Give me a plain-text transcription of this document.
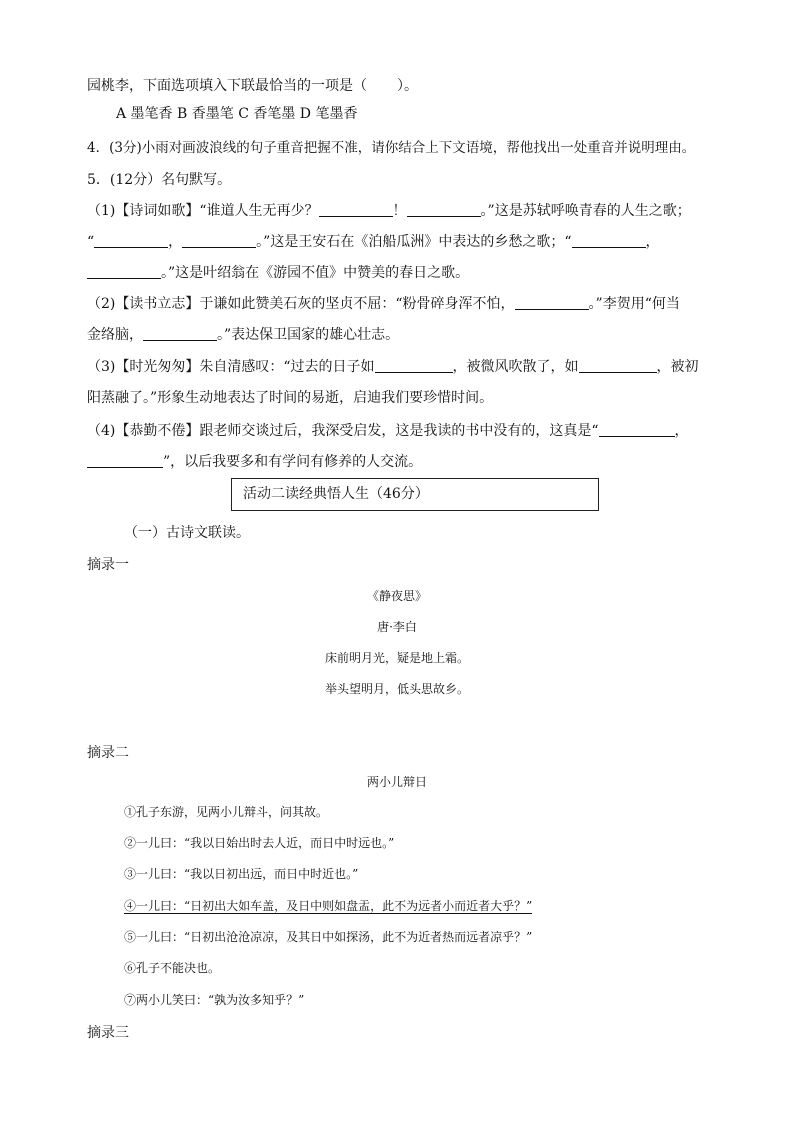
园桃李，下面选项填入下联最恰当的一项是（ ）。
A 墨笔香 B 香墨笔 C 香笔墨 D 笔墨香
4．(3分)小雨对画波浪线的句子重音把握不准，请你结合上下文语境，帮他找出一处重音并说明理由。
5．(12分）名句默写。
（1)【诗词如歌】“谁道人生无再少？	！	。”这是苏轼呼唤青春的人生之歌；
“	，	。”这是王安石在《泊船瓜洲》中表达的乡愁之歌；“	，
。”这是叶绍翁在《游园不值》中赞美的春日之歌。
（2)【读书立志】于谦如此赞美石灰的坚贞不屈：“粉骨碎身浑不怕，	。”李贺用“何当
金络脑，	。”表达保卫国家的雄心壮志。
（3)【时光匆匆】朱自清感叹：“过去的日子如	，被微风吹散了，如	，被初
阳蒸融了。”形象生动地表达了时间的易逝，启迪我们要珍惜时间。
（4)【恭勤不倦】跟老师交谈过后，我深受启发，这是我读的书中没有的，这真是“	，
”，以后我要多和有学问有修养的人交流。
活动二读经典悟人生（46分）
（一）古诗文联读。
摘录一
《静夜思》
唐·李白
床前明月光，疑是地上霜。
举头望明月，低头思故乡。
摘录二
两小儿辩日
①孔子东游，见两小儿辩斗，问其故。
②一儿曰：“我以日始出时去人近，而日中时远也。”
③一儿曰：“我以日初出远，而日中时近也。”
④一儿曰：“日初出大如车盖，及日中则如盘盂，此不为远者小而近者大乎？”
⑤一儿曰：“日初出沧沧凉凉，及其日中如探汤，此不为近者热而远者凉乎？”
⑥孔子不能决也。
⑦两小儿笑曰：“孰为汝多知乎？”
摘录三
